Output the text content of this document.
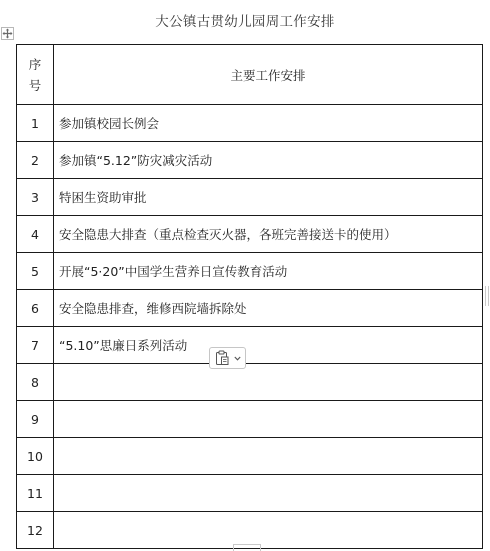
大公镇古贯幼儿园周工作安排
序
号	主要工作安排
1	参加镇校园长例会
2	参加镇“5.12”防灾减灾活动
3	特困生资助审批
4	安全隐患大排查（重点检查灭火器，各班完善接送卡的使用）
5	开展“5·20”中国学生营养日宣传教育活动
6	安全隐患排查，维修西院墙拆除处
7	“5.10”思廉日系列活动
8	
9	
10	
11	
12	
